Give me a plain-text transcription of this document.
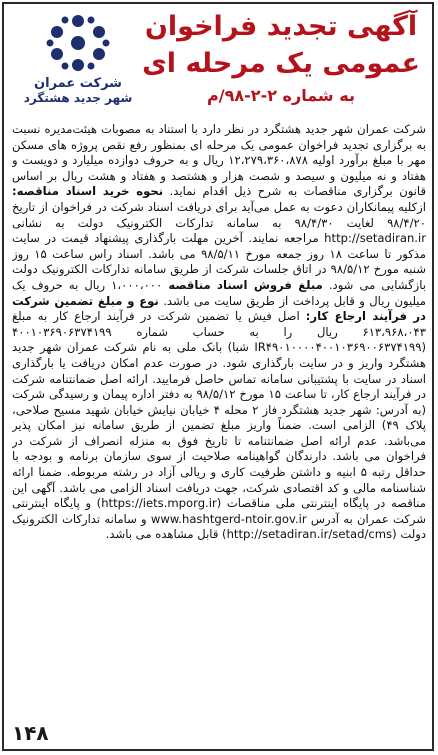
شرکت عمران
شهر جدید هشتگرد
آگهی تجدید فراخوان
عمومی یک مرحله ای
به شماره ۲-۲-۹۸/م

شرکت عمران شهر جدید هشتگرد در نظر دارد با استناد به مصوبات هیئت‌مدیره نسبت به برگزاری تجدید فراخوان عمومی یک مرحله ای بمنظور رفع نقص پروژه های مسکن مهر با مبلغ برآورد اولیه ۱۲،۲۷۹،۳۶۰،۸۷۸ ریال و به حروف دوازده میلیارد و دویست و هفتاد و نه میلیون و سیصد و شصت هزار و هشتصد و هفتاد و هشت ریال بر اساس قانون برگزاری مناقصات به شرح ذیل اقدام نماید. نحوه خرید اسناد مناقصه: ازکلیه پیمانکاران دعوت به عمل می‌آید برای دریافت اسناد شرکت در فراخوان از تاریخ ۹۸/۴/۲۰ لغایت ۹۸/۴/۳۰ به سامانه تدارکات الکترونیک دولت به نشانی http://setadiran.ir مراجعه نمایند. آخرین مهلت بارگذاری پیشنهاد قیمت در سایت مذکور تا ساعت ۱۸ روز جمعه مورخ ۹۸/۵/۱۱ می باشد. اسناد راس ساعت ۱۵ روز شنبه مورخ ۹۸/۵/۱۲ در اتاق جلسات شرکت از طریق سامانه تدارکات الکترونیک دولت بازگشایی می شود. مبلغ فروش اسناد مناقصه ۱،۰۰۰،۰۰۰ ریال به حروف یک میلیون ریال و قابل پرداخت از طریق سایت می باشد. نوع و مبلغ تضمین شرکت در فرآیند ارجاع کار: اصل فیش یا تضمین شرکت در فرآیند ارجاع کار به مبلغ ۶۱۳،۹۶۸،۰۴۳ ریال را به حساب شماره ۴۰۰۱۰۳۶۹۰۶۳۷۴۱۹۹ (IR۴۹۰۱۰۰۰۰۴۰۰۱۰۳۶۹۰۰۶۳۷۴۱۹۹ شبا) بانک ملی به نام شرکت عمران شهر جدید هشتگرد واریز و در سایت بارگذاری شود. در صورت عدم امکان دریافت یا بارگذاری اسناد در سایت با پشتیبانی سامانه تماس حاصل فرمایید. ارائه اصل ضمانتنامه شرکت در فرآیند ارجاع کار، تا ساعت ۱۵ مورخ ۹۸/۵/۱۲ به دفتر اداره پیمان و رسیدگی شرکت (به آدرس: شهر جدید هشتگرد فاز ۲ محله ۴ خیابان نیایش خیابان شهید مسیح صلاحی، پلاک ۴۹) الزامی است. ضمناً واریز مبلغ تضمین از طریق سامانه نیز امکان پذیر می‌باشد. عدم ارائه اصل ضمانتنامه تا تاریخ فوق به منزله انصراف از شرکت در فراخوان می باشد. دارندگان گواهینامه صلاحیت از سوی سازمان برنامه و بودجه با حداقل رتبه ۵ ابنیه و داشتن ظرفیت کاری و ریالی آزاد در رشته مربوطه. ضمنا ارائه شناسنامه مالی و کد اقتصادی شرکت، جهت دریافت اسناد الزامی می باشد. آگهی این مناقصه در پایگاه اینترنتی ملی مناقصات (https://iets.mporg.ir) و پایگاه اینترنتی شرکت عمران به آدرس www.hashtgerd-ntoir.gov.ir و سامانه تدارکات الکترونیک دولت (http://setadiran.ir/setad/cms) قابل مشاهده می باشد.

۱۴۸
